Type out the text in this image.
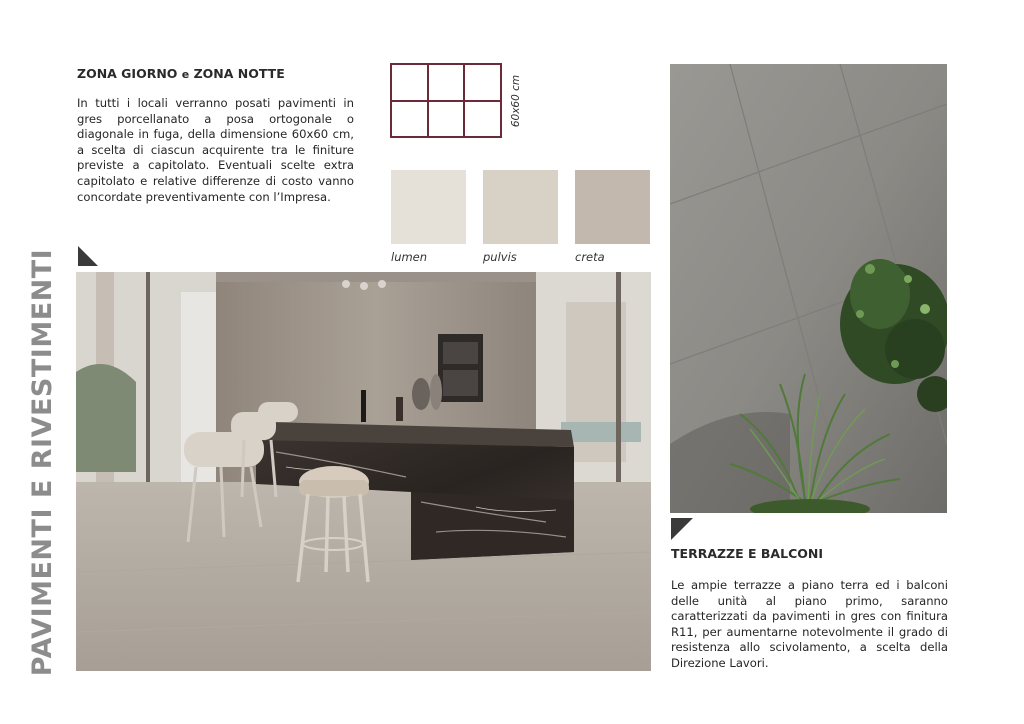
PAVIMENTI E RIVESTIMENTI
ZONA GIORNO e ZONA NOTTE

In tutti i locali verranno posati pavimenti in gres porcellanato a posa ortogonale o diagonale in fuga, della dimensione 60x60 cm, a scelta di ciascun acquirente tra le finiture previste a capitolato. Eventuali scelte extra capitolato e relative differenze di costo vanno concordate preventivamente con l’Impresa.

60x60 cm
lumen	pulvis	creta
TERRAZZE E BALCONI

Le ampie terrazze a piano terra ed i balconi delle unità al piano primo, saranno caratterizzati da pavimenti in gres con finitura R11, per aumentarne notevolmente il grado di resistenza allo scivolamento, a scelta della Direzione Lavori.
